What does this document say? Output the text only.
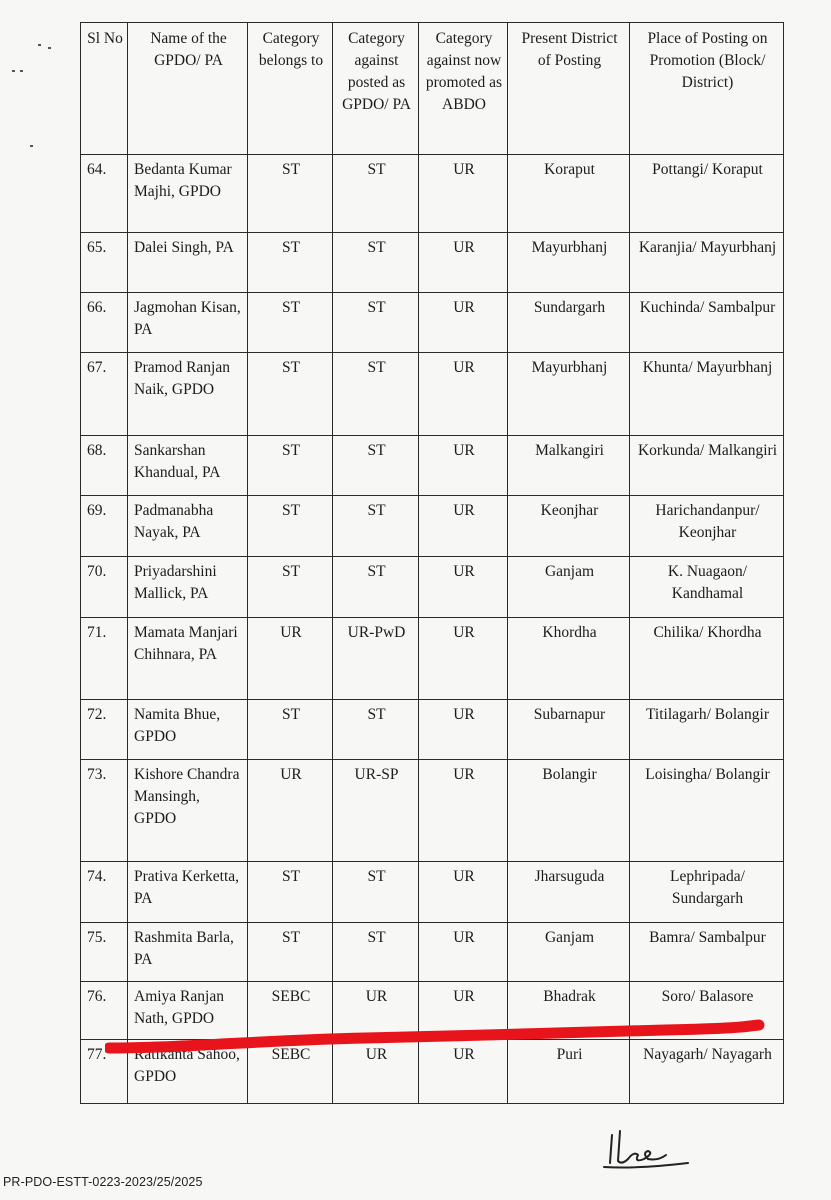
Sl No	Name of the GPDO/ PA	Category belongs to	Category against posted as GPDO/ PA	Category against now promoted as ABDO	Present District of Posting	Place of Posting on Promotion (Block/ District)
64.	Bedanta Kumar Majhi, GPDO	ST	ST	UR	Koraput	Pottangi/ Koraput
65.	Dalei Singh, PA	ST	ST	UR	Mayurbhanj	Karanjia/ Mayurbhanj
66.	Jagmohan Kisan, PA	ST	ST	UR	Sundargarh	Kuchinda/ Sambalpur
67.	Pramod Ranjan Naik, GPDO	ST	ST	UR	Mayurbhanj	Khunta/ Mayurbhanj
68.	Sankarshan Khandual, PA	ST	ST	UR	Malkangiri	Korkunda/ Malkangiri
69.	Padmanabha Nayak, PA	ST	ST	UR	Keonjhar	Harichandanpur/ Keonjhar
70.	Priyadarshini Mallick, PA	ST	ST	UR	Ganjam	K. Nuagaon/ Kandhamal
71.	Mamata Manjari Chihnara, PA	UR	UR-PwD	UR	Khordha	Chilika/ Khordha
72.	Namita Bhue, GPDO	ST	ST	UR	Subarnapur	Titilagarh/ Bolangir
73.	Kishore Chandra Mansingh, GPDO	UR	UR-SP	UR	Bolangir	Loisingha/ Bolangir
74.	Prativa Kerketta, PA	ST	ST	UR	Jharsuguda	Lephripada/ Sundargarh
75.	Rashmita Barla, PA	ST	ST	UR	Ganjam	Bamra/ Sambalpur
76.	Amiya Ranjan Nath, GPDO	SEBC	UR	UR	Bhadrak	Soro/ Balasore
77.	Ratikanta Sahoo, GPDO	SEBC	UR	UR	Puri	Nayagarh/ Nayagarh
PR-PDO-ESTT-0223-2023/25/2025
